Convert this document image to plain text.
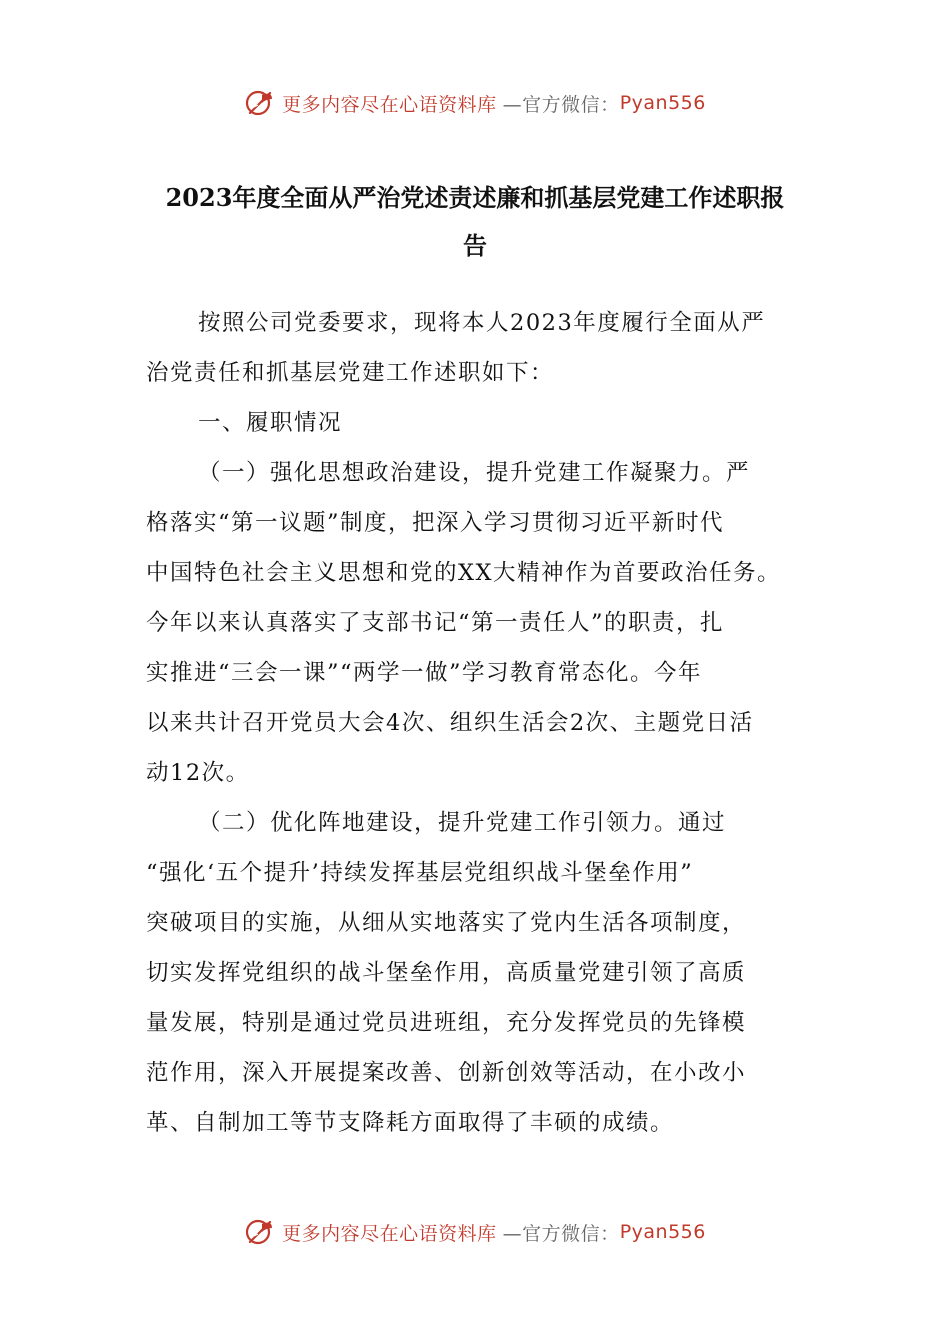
更多内容尽在心语资料库 —官方微信： Pyan556
2023年度全面从严治党述责述廉和抓基层党建工作述职报
告

按照公司党委要求，现将本人2023年度履行全面从严

治党责任和抓基层党建工作述职如下：

一、履职情况

（一）强化思想政治建设，提升党建工作凝聚力。严

格落实“第一议题”制度，把深入学习贯彻习近平新时代

中国特色社会主义思想和党的XX大精神作为首要政治任务。

今年以来认真落实了支部书记“第一责任人”的职责，扎

实推进“三会一课”“两学一做”学习教育常态化。今年

以来共计召开党员大会4次、组织生活会2次、主题党日活

动12次。

（二）优化阵地建设，提升党建工作引领力。通过

“强化‘五个提升’持续发挥基层党组织战斗堡垒作用”

突破项目的实施，从细从实地落实了党内生活各项制度，

切实发挥党组织的战斗堡垒作用，高质量党建引领了高质

量发展，特别是通过党员进班组，充分发挥党员的先锋模

范作用，深入开展提案改善、创新创效等活动，在小改小

革、自制加工等节支降耗方面取得了丰硕的成绩。

更多内容尽在心语资料库 —官方微信： Pyan556
